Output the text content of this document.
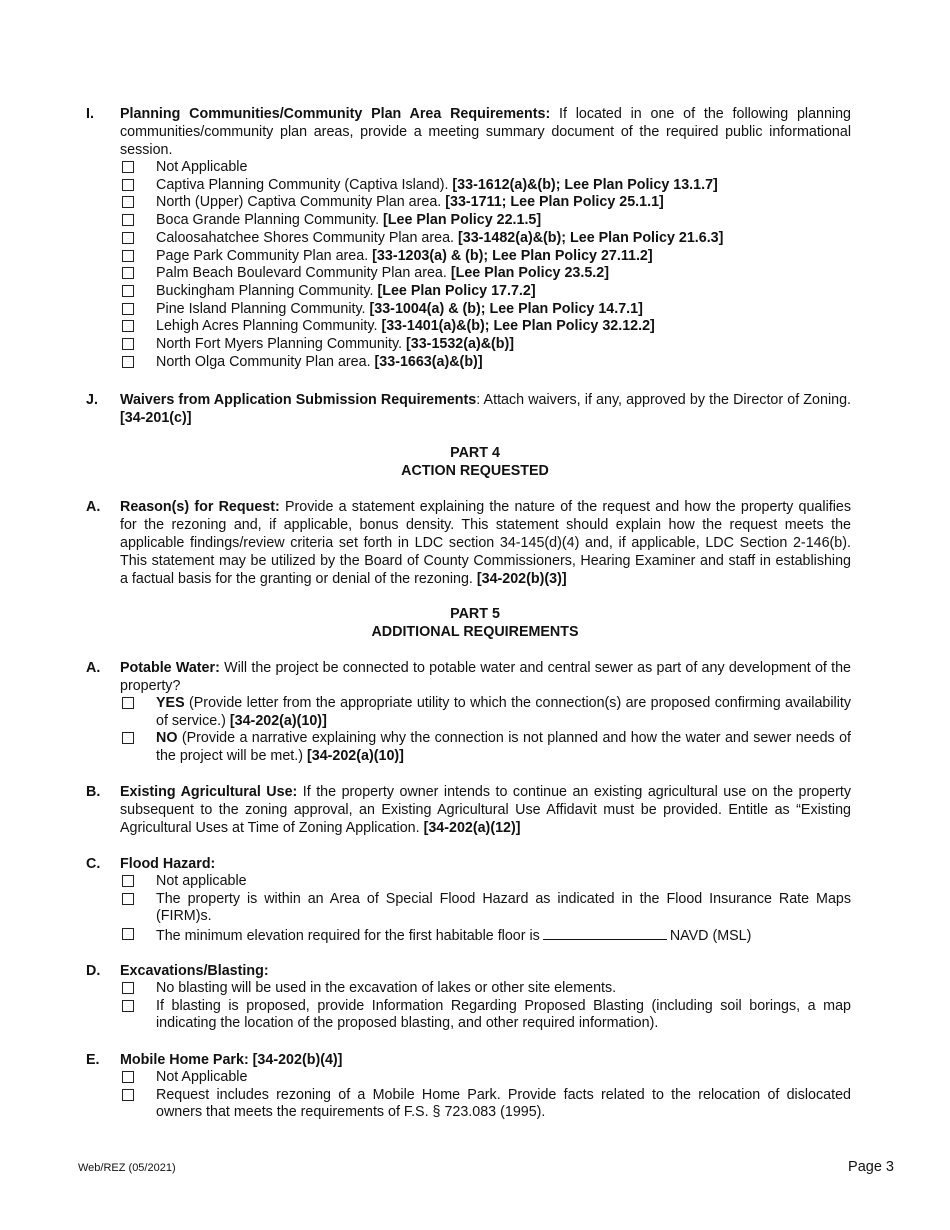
I. Planning Communities/Community Plan Area Requirements: If located in one of the following planning communities/community plan areas, provide a meeting summary document of the required public informational session.
Not Applicable
Captiva Planning Community (Captiva Island). [33-1612(a)&(b); Lee Plan Policy 13.1.7]
North (Upper) Captiva Community Plan area. [33-1711; Lee Plan Policy 25.1.1]
Boca Grande Planning Community. [Lee Plan Policy 22.1.5]
Caloosahatchee Shores Community Plan area. [33-1482(a)&(b); Lee Plan Policy 21.6.3]
Page Park Community Plan area. [33-1203(a) & (b); Lee Plan Policy 27.11.2]
Palm Beach Boulevard Community Plan area. [Lee Plan Policy 23.5.2]
Buckingham Planning Community. [Lee Plan Policy 17.7.2]
Pine Island Planning Community. [33-1004(a) & (b); Lee Plan Policy 14.7.1]
Lehigh Acres Planning Community. [33-1401(a)&(b); Lee Plan Policy 32.12.2]
North Fort Myers Planning Community. [33-1532(a)&(b)]
North Olga Community Plan area. [33-1663(a)&(b)]
J. Waivers from Application Submission Requirements: Attach waivers, if any, approved by the Director of Zoning. [34-201(c)]
PART 4
ACTION REQUESTED
A. Reason(s) for Request: Provide a statement explaining the nature of the request and how the property qualifies for the rezoning and, if applicable, bonus density. This statement should explain how the request meets the applicable findings/review criteria set forth in LDC section 34-145(d)(4) and, if applicable, LDC Section 2-146(b). This statement may be utilized by the Board of County Commissioners, Hearing Examiner and staff in establishing a factual basis for the granting or denial of the rezoning. [34-202(b)(3)]
PART 5
ADDITIONAL REQUIREMENTS
A. Potable Water: Will the project be connected to potable water and central sewer as part of any development of the property?
YES (Provide letter from the appropriate utility to which the connection(s) are proposed confirming availability of service.) [34-202(a)(10)]
NO (Provide a narrative explaining why the connection is not planned and how the water and sewer needs of the project will be met.) [34-202(a)(10)]
B. Existing Agricultural Use: If the property owner intends to continue an existing agricultural use on the property subsequent to the zoning approval, an Existing Agricultural Use Affidavit must be provided. Entitle as “Existing Agricultural Uses at Time of Zoning Application. [34-202(a)(12)]
C. Flood Hazard:
Not applicable
The property is within an Area of Special Flood Hazard as indicated in the Flood Insurance Rate Maps (FIRM)s.
The minimum elevation required for the first habitable floor is	NAVD (MSL)
D. Excavations/Blasting:
No blasting will be used in the excavation of lakes or other site elements.
If blasting is proposed, provide Information Regarding Proposed Blasting (including soil borings, a map indicating the location of the proposed blasting, and other required information).
E. Mobile Home Park: [34-202(b)(4)]
Not Applicable
Request includes rezoning of a Mobile Home Park. Provide facts related to the relocation of dislocated owners that meets the requirements of F.S. § 723.083 (1995).
Web/REZ (05/2021)	Page 3
